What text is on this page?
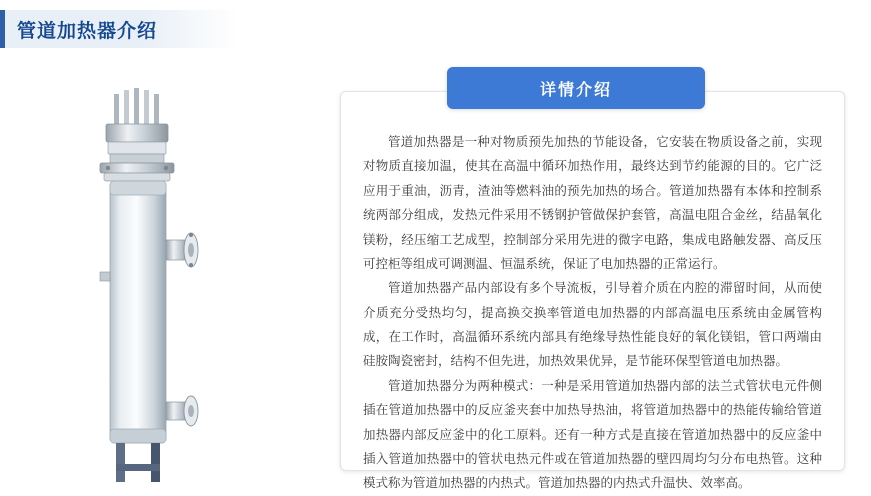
管道加热器介绍
详情介绍

管道加热器是一种对物质预先加热的节能设备，它安装在物质设备之前，实现对物质直接加温，使其在高温中循环加热作用，最终达到节约能源的目的。它广泛应用于重油，沥青，渣油等燃料油的预先加热的场合。管道加热器有本体和控制系统两部分组成，发热元件采用不锈钢护管做保护套管，高温电阻合金丝，结晶氧化镁粉，经压缩工艺成型，控制部分采用先进的微字电路，集成电路触发器、高反压可控柜等组成可调测温、恒温系统，保证了电加热器的正常运行。

管道加热器产品内部设有多个导流板，引导着介质在内腔的滞留时间，从而使介质充分受热均匀，提高换交换率管道电加热器的内部高温电压系统由金属管构成，在工作时，高温循环系统内部具有绝缘导热性能良好的氧化镁铝，管口两端由硅胺陶瓷密封，结构不但先进，加热效果优异，是节能环保型管道电加热器。

管道加热器分为两种模式：一种是采用管道加热器内部的法兰式管状电元件侧插在管道加热器中的反应釜夹套中加热导热油，将管道加热器中的热能传输给管道加热器内部反应釜中的化工原料。还有一种方式是直接在管道加热器中的反应釜中插入管道加热器中的管状电热元件或在管道加热器的壁四周均匀分布电热管。这种模式称为管道加热器的内热式。管道加热器的内热式升温快、效率高。
